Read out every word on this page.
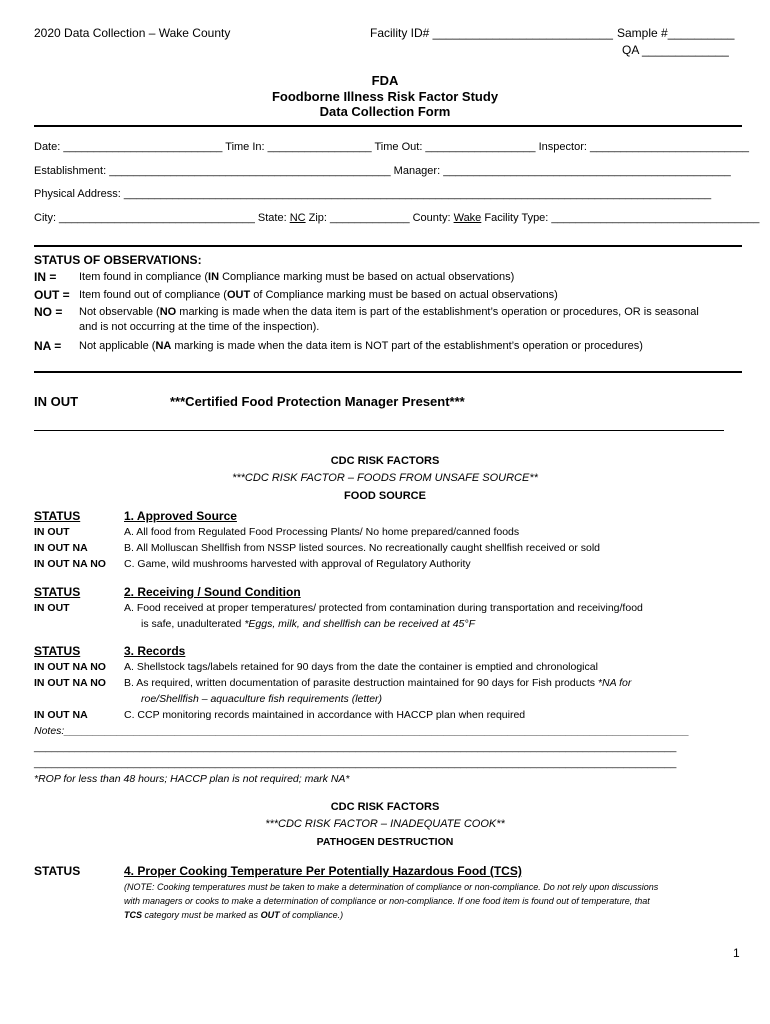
2020 Data Collection – Wake County	Facility ID# ___________________________ Sample #__________
QA _____________
FDA
Foodborne Illness Risk Factor Study
Data Collection Form
Date: __________________________ Time In: _________________ Time Out: __________________ Inspector: __________________________
Establishment: ______________________________________________ Manager: _______________________________________________
Physical Address: ________________________________________________________________________________________________
City: ________________________________ State: NC Zip: _____________ County: Wake Facility Type: __________________________________
STATUS OF OBSERVATIONS:
IN = Item found in compliance (IN Compliance marking must be based on actual observations)
OUT = Item found out of compliance (OUT of Compliance marking must be based on actual observations)
NO = Not observable (NO marking is made when the data item is part of the establishment’s operation or procedures, OR is seasonal
and is not occurring at the time of the inspection).
NA = Not applicable (NA marking is made when the data item is NOT part of the establishment’s operation or procedures)
IN OUT	***Certified Food Protection Manager Present***
CDC RISK FACTORS
***CDC RISK FACTOR – FOODS FROM UNSAFE SOURCE**
FOOD SOURCE
STATUS	1. Approved Source
IN OUT	A. All food from Regulated Food Processing Plants/ No home prepared/canned foods
IN OUT NA	B. All Molluscan Shellfish from NSSP listed sources. No recreationally caught shellfish received or sold
IN OUT NA NO C. Game, wild mushrooms harvested with approval of Regulatory Authority
STATUS	2. Receiving / Sound Condition
IN OUT	A. Food received at proper temperatures/ protected from contamination during transportation and receiving/food
is safe, unadulterated *Eggs, milk, and shellfish can be received at 45°F
STATUS	3. Records
IN OUT NA NO A. Shellstock tags/labels retained for 90 days from the date the container is emptied and chronological
IN OUT NA NO B. As required, written documentation of parasite destruction maintained for 90 days for Fish products *NA for
roe/Shellfish – aquaculture fish requirements (letter)
IN OUT NA	C. CCP monitoring records maintained in accordance with HACCP plan when required
Notes:___________________________________________________________________________________________________________
______________________________________________________________________________________________________________
______________________________________________________________________________________________________________
*ROP for less than 48 hours; HACCP plan is not required; mark NA*
CDC RISK FACTORS
***CDC RISK FACTOR – INADEQUATE COOK**
PATHOGEN DESTRUCTION
STATUS	4. Proper Cooking Temperature Per Potentially Hazardous Food (TCS)
(NOTE: Cooking temperatures must be taken to make a determination of compliance or non-compliance. Do not rely upon discussions
with managers or cooks to make a determination of compliance or non-compliance. If one food item is found out of temperature, that
TCS category must be marked as OUT of compliance.)
1
